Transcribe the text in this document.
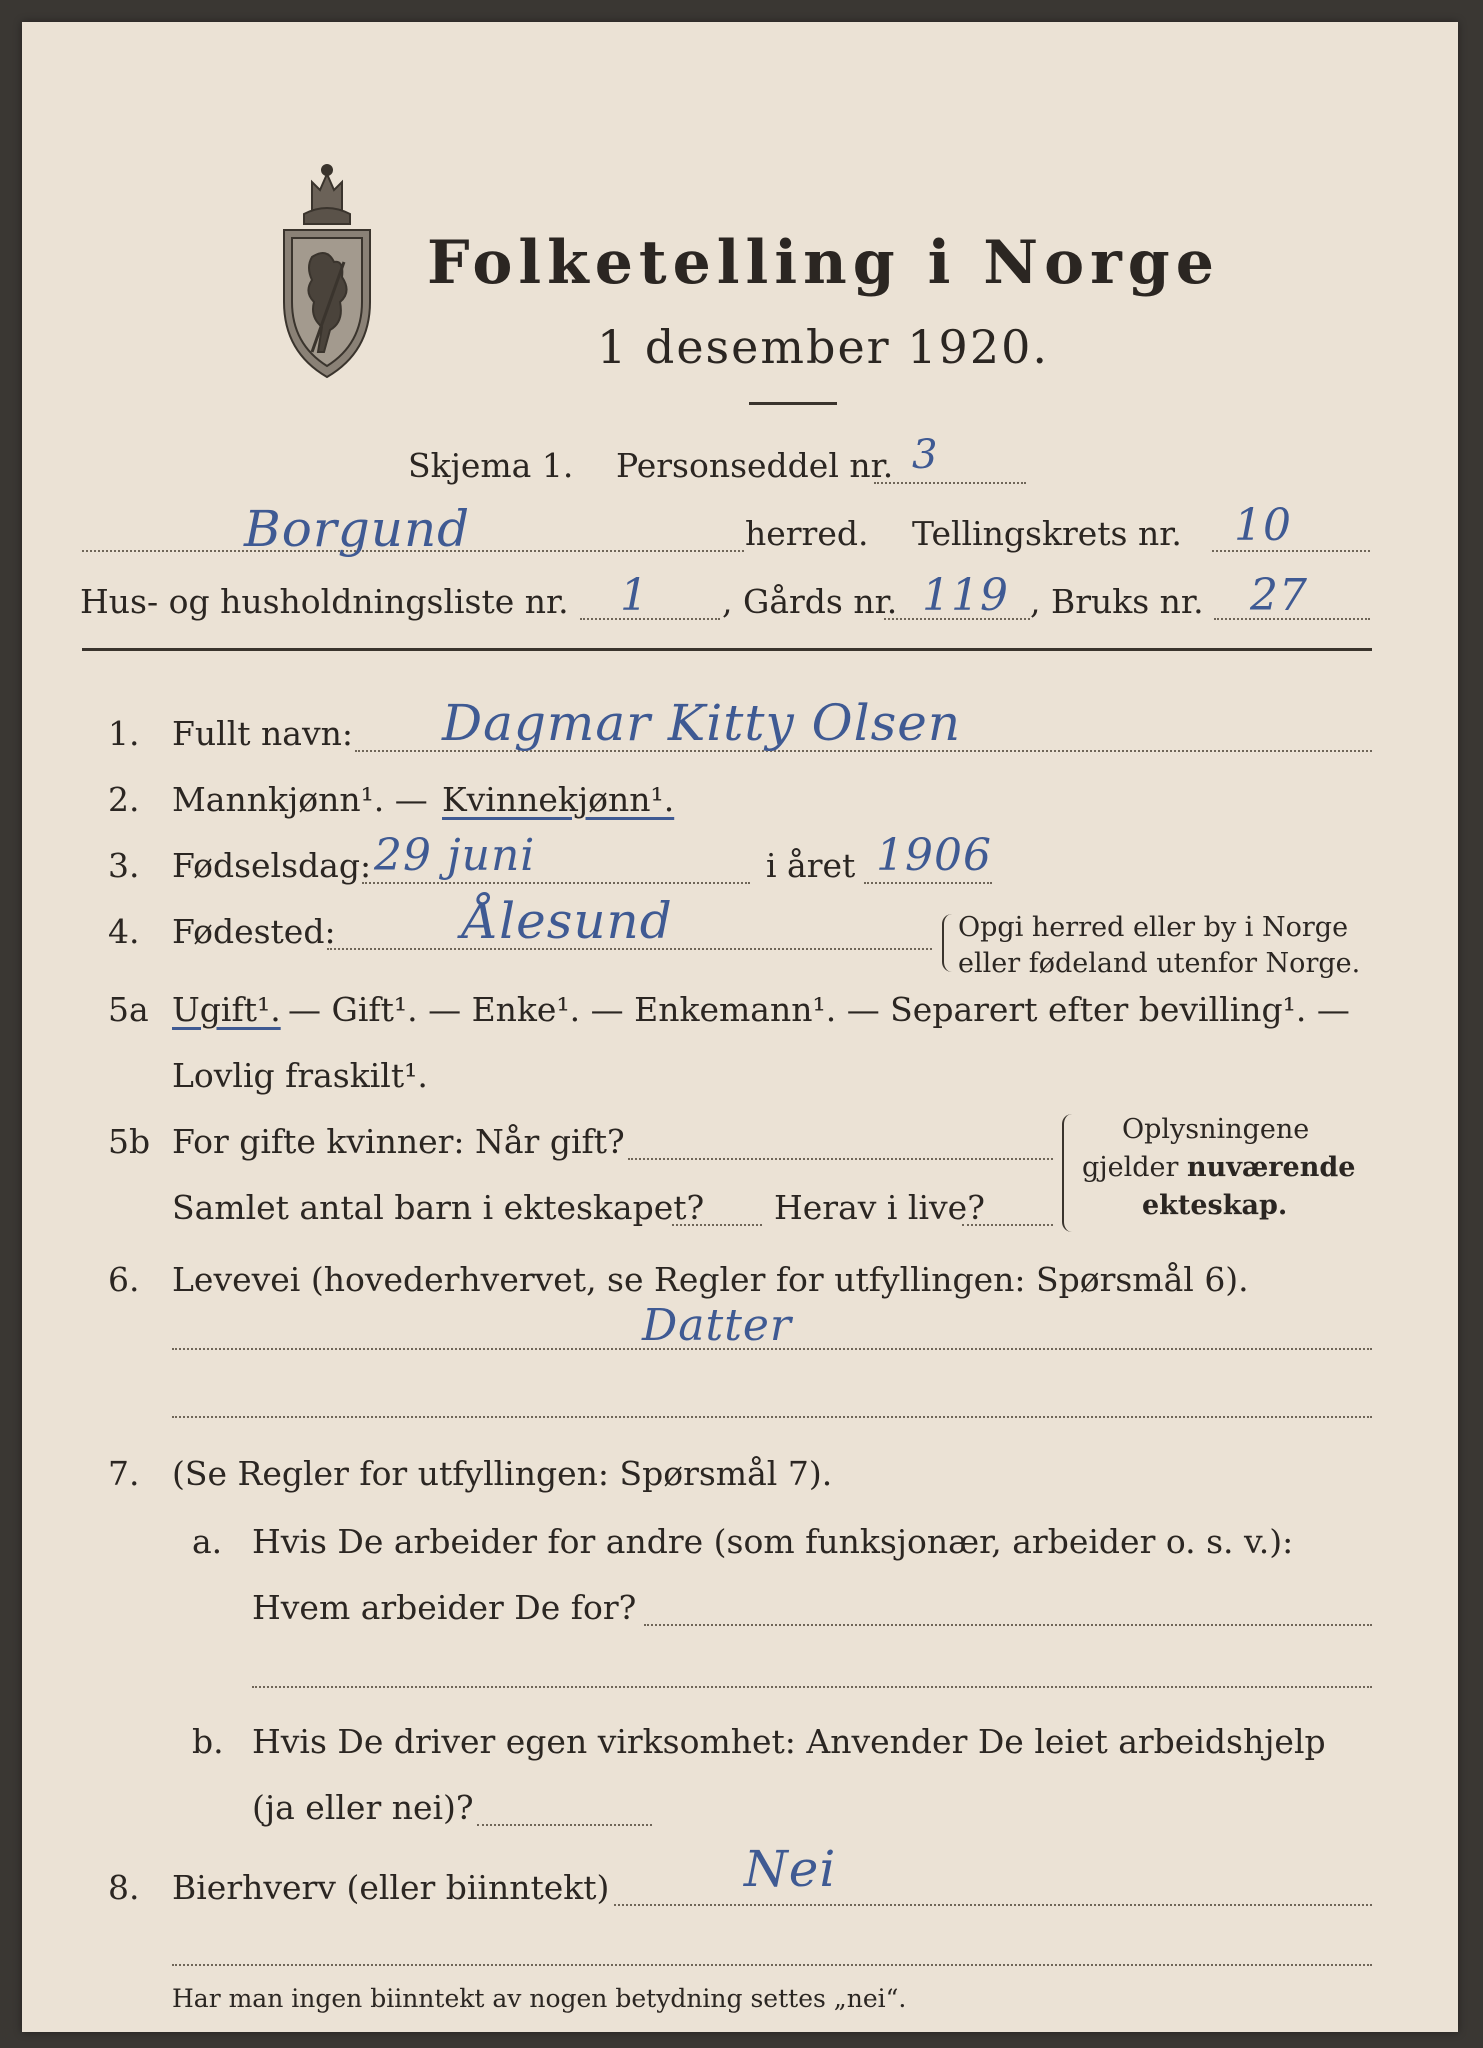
Folketelling i Norge
1 desember 1920.
Skjema 1. Personseddel nr. 3
Borgund	herred. Tellingskrets nr. 10
Hus- og husholdningsliste nr. 1 , Gårds nr. 119 , Bruks nr. 27
1. Fullt navn: Dagmar Kitty Olsen
2. Mannkjønn¹. — Kvinnekjønn¹.
3. Fødselsdag: 29 juni	i året 1906
4. Fødested:	Ålesund	Opgi herred eller by i Norge
eller fødeland utenfor Norge.
5a Ugift¹. — Gift¹. — Enke¹. — Enkemann¹. — Separert efter bevilling¹. —
Lovlig fraskilt¹.
5b For gifte kvinner: Når gift?
Samlet antal barn i ekteskapet? Herav i live?
Oplysningene
gjelder nuværende
ekteskap.
6. Levevei (hovederhvervet, se Regler for utfyllingen: Spørsmål 6).
Datter
7. (Se Regler for utfyllingen: Spørsmål 7).
a. Hvis De arbeider for andre (som funksjonær, arbeider o. s. v.):
Hvem arbeider De for?
b. Hvis De driver egen virksomhet: Anvender De leiet arbeidshjelp
(ja eller nei)?
8. Bierhverv (eller biinntekt)	Nei
Har man ingen biinntekt av nogen betydning settes „nei“.
